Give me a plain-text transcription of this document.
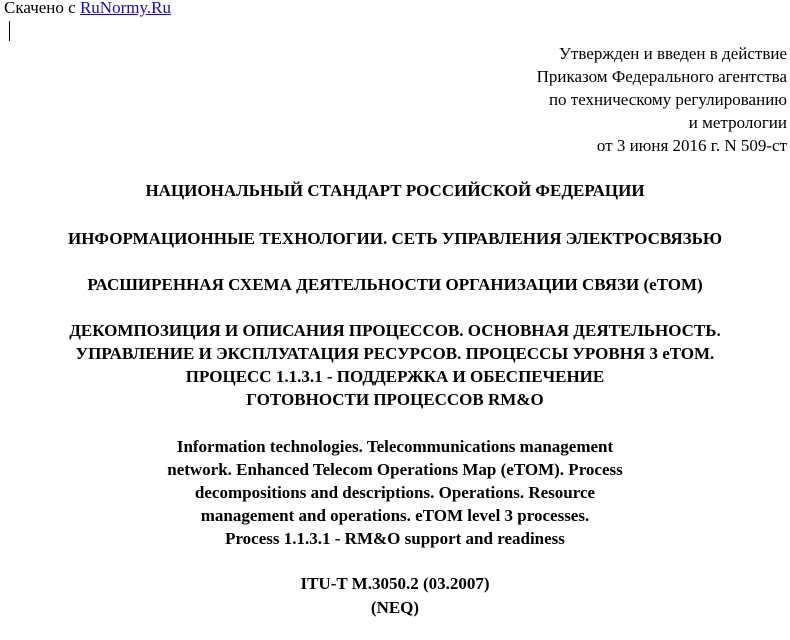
Скачено с RuNormy.Ru
Утвержден и введен в действие
Приказом Федерального агентства
по техническому регулированию
и метрологии
от 3 июня 2016 г. N 509-ст
НАЦИОНАЛЬНЫЙ СТАНДАРТ РОССИЙСКОЙ ФЕДЕРАЦИИ
ИНФОРМАЦИОННЫЕ ТЕХНОЛОГИИ. СЕТЬ УПРАВЛЕНИЯ ЭЛЕКТРОСВЯЗЬЮ
РАСШИРЕННАЯ СХЕМА ДЕЯТЕЛЬНОСТИ ОРГАНИЗАЦИИ СВЯЗИ (eTOM)
ДЕКОМПОЗИЦИЯ И ОПИСАНИЯ ПРОЦЕССОВ. ОСНОВНАЯ ДЕЯТЕЛЬНОСТЬ.
УПРАВЛЕНИЕ И ЭКСПЛУАТАЦИЯ РЕСУРСОВ. ПРОЦЕССЫ УРОВНЯ 3 eTOM.
ПРОЦЕСС 1.1.3.1 - ПОДДЕРЖКА И ОБЕСПЕЧЕНИЕ
ГОТОВНОСТИ ПРОЦЕССОВ RM&O
Information technologies. Telecommunications management
network. Enhanced Telecom Operations Map (eTOM). Process
decompositions and descriptions. Operations. Resource
management and operations. eTOM level 3 processes.
Process 1.1.3.1 - RM&O support and readiness
ITU-T M.3050.2 (03.2007)
(NEQ)
